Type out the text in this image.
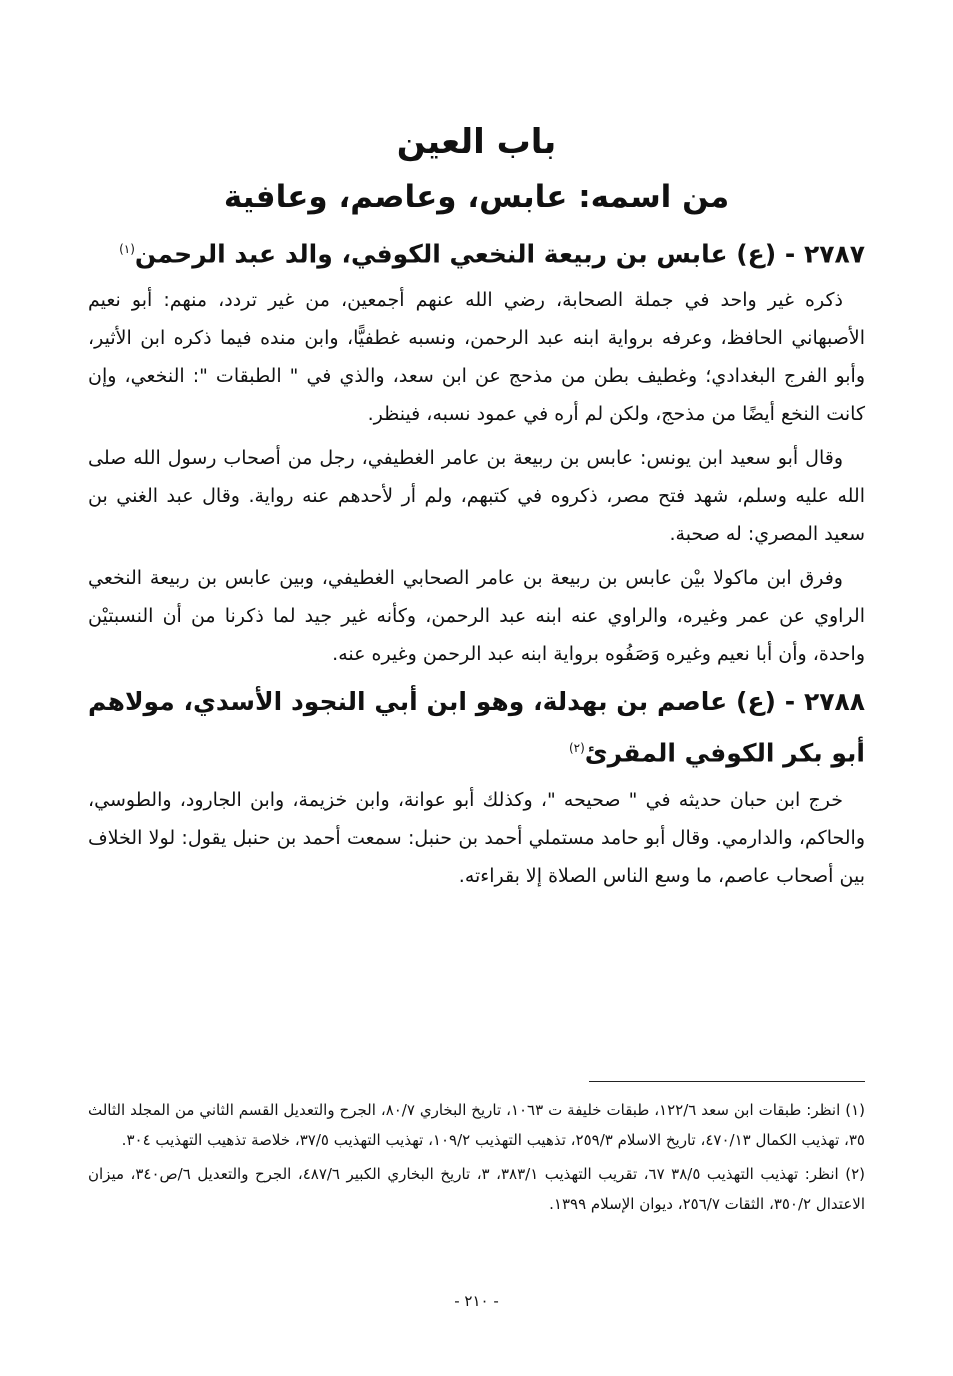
باب العين
من اسمه: عابس، وعاصم، وعافية
٢٧٨٧ - (ع) عابس بن ربيعة النخعي الكوفي، والد عبد الرحمن$^{(١)}$

ذكره غير واحد في جملة الصحابة، رضي الله عنهم أجمعين، من غير تردد، منهم: أبو نعيم الأصبهاني الحافظ، وعرفه برواية ابنه عبد الرحمن، ونسبه غطفيًّا، وابن منده فيما ذكره ابن الأثير، وأبو الفرج البغدادي؛ وغطيف بطن من مذحج عن ابن سعد، والذي في " الطبقات ": النخعي، وإن كانت النخع أيضًا من مذحج، ولكن لم أره في عمود نسبه، فينظر.

وقال أبو سعيد ابن يونس: عابس بن ربيعة بن عامر الغطيفي، رجل من أصحاب رسول الله صلى الله عليه وسلم، شهد فتح مصر، ذكروه في كتبهم، ولم أر لأحدهم عنه رواية. وقال عبد الغني بن سعيد المصري: له صحبة.

وفرق ابن ماكولا بيْن عابس بن ربيعة بن عامر الصحابي الغطيفي، وبين عابس بن ربيعة النخعي الراوي عن عمر وغيره، والراوي عنه ابنه عبد الرحمن، وكأنه غير جيد لما ذكرنا من أن النسبتيْن واحدة، وأن أبا نعيم وغيره وَصَفُوه برواية ابنه عبد الرحمن وغيره عنه.

٢٧٨٨ - (ع) عاصم بن بهدلة، وهو ابن أبي النجود الأسدي، مولاهم أبو بكر الكوفي المقرئ$^{(٢)}$

خرج ابن حبان حديثه في " صحيحه "، وكذلك أبو عوانة، وابن خزيمة، وابن الجارود، والطوسي، والحاكم، والدارمي. وقال أبو حامد مستملي أحمد بن حنبل: سمعت أحمد بن حنبل يقول: لولا الخلاف بين أصحاب عاصم، ما وسع الناس الصلاة إلا بقراءته.

(١) انظر: طبقات ابن سعد ١٢٢/٦، طبقات خليفة ت ١٠٦٣، تاريخ البخاري ٨٠/٧، الجرح والتعديل القسم الثاني من المجلد الثالث ٣٥، تهذيب الكمال ٤٧٠/١٣، تاريخ الاسلام ٢٥٩/٣، تذهيب التهذيب ١٠٩/٢، تهذيب التهذيب ٣٧/٥، خلاصة تذهيب التهذيب ٣٠٤.

(٢) انظر: تهذيب التهذيب ٣٨/٥ ٦٧، تقريب التهذيب ٣٨٣/١، ٣، تاريخ البخاري الكبير ٤٨٧/٦، الجرح والتعديل ٦/ص٣٤٠، ميزان الاعتدال ٣٥٠/٢، الثقات ٢٥٦/٧، ديوان الإسلام ١٣٩٩.

- ٢١٠ -
